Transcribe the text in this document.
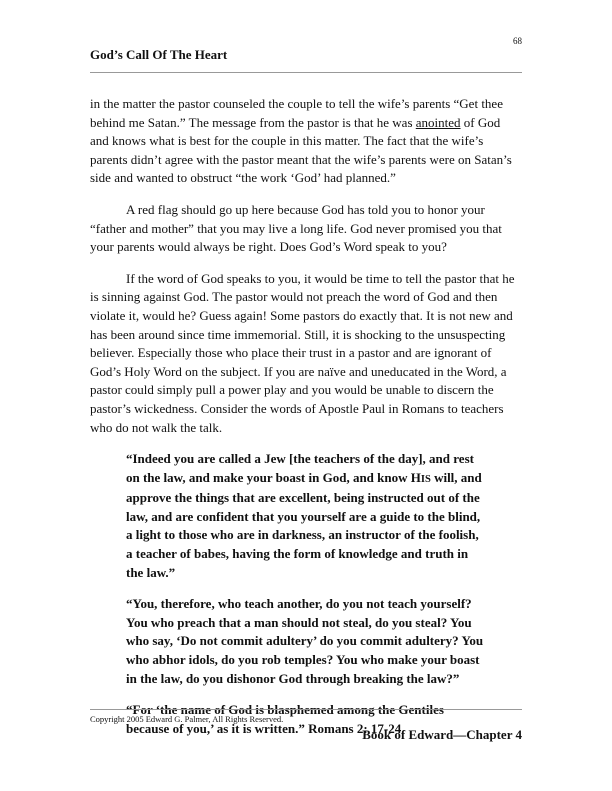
68
God’s Call Of The Heart

in the matter the pastor counseled the couple to tell the wife’s parents “Get thee behind me Satan.” The message from the pastor is that he was anointed of God and knows what is best for the couple in this matter. The fact that the wife’s parents didn’t agree with the pastor meant that the wife’s parents were on Satan’s side and wanted to obstruct “the work ‘God’ had planned.”

A red flag should go up here because God has told you to honor your “father and mother” that you may live a long life. God never promised you that your parents would always be right. Does God’s Word speak to you?

If the word of God speaks to you, it would be time to tell the pastor that he is sinning against God. The pastor would not preach the word of God and then violate it, would he? Guess again! Some pastors do exactly that. It is not new and has been around since time immemorial. Still, it is shocking to the unsuspecting believer. Especially those who place their trust in a pastor and are ignorant of God’s Holy Word on the subject. If you are naïve and uneducated in the Word, a pastor could simply pull a power play and you would be unable to discern the pastor’s wickedness. Consider the words of Apostle Paul in Romans to teachers who do not walk the talk.

“Indeed you are called a Jew [the teachers of the day], and rest on the law, and make your boast in God, and know HIS will, and approve the things that are excellent, being instructed out of the law, and are confident that you yourself are a guide to the blind, a light to those who are in darkness, an instructor of the foolish, a teacher of babes, having the form of knowledge and truth in the law.”

“You, therefore, who teach another, do you not teach yourself? You who preach that a man should not steal, do you steal? You who say, ‘Do not commit adultery’ do you commit adultery? You who abhor idols, do you rob temples? You who make your boast in the law, do you dishonor God through breaking the law?”

“For ‘the name of God is blasphemed among the Gentiles because of you,’ as it is written.” Romans 2: 17-24

Copyright 2005 Edward G. Palmer, All Rights Reserved.
Book of Edward—Chapter 4
